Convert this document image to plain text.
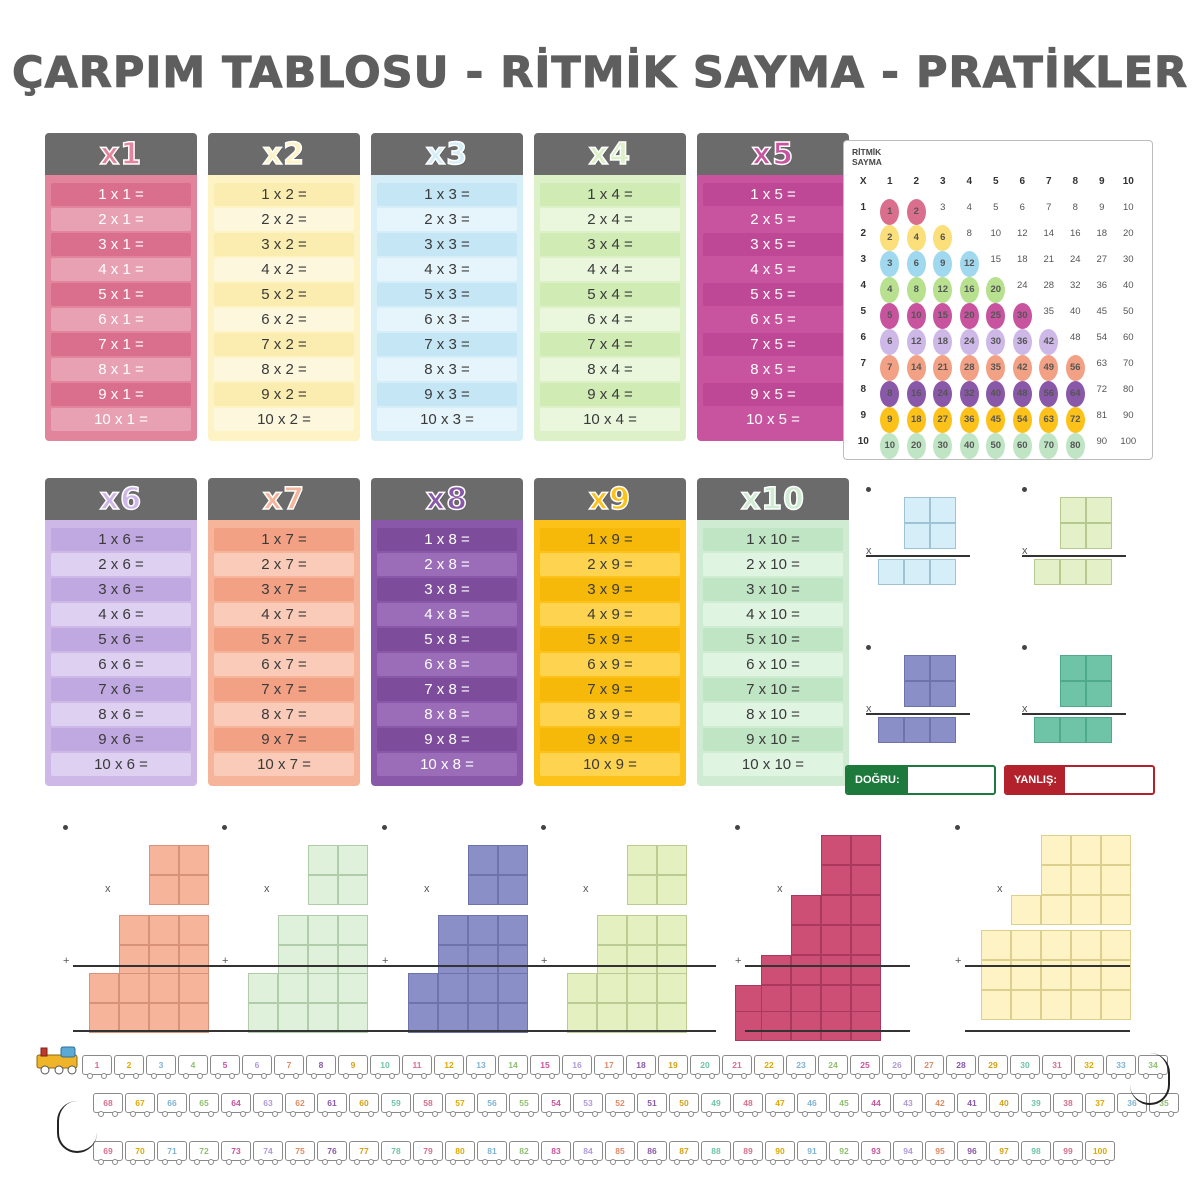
ÇARPIM TABLOSU - RİTMİK SAYMA - PRATİKLER
x1
1 x 1 =
2 x 1 =
3 x 1 =
4 x 1 =
5 x 1 =
6 x 1 =
7 x 1 =
8 x 1 =
9 x 1 =
10 x 1 =
x2
1 x 2 =
2 x 2 =
3 x 2 =
4 x 2 =
5 x 2 =
6 x 2 =
7 x 2 =
8 x 2 =
9 x 2 =
10 x 2 =
x3
1 x 3 =
2 x 3 =
3 x 3 =
4 x 3 =
5 x 3 =
6 x 3 =
7 x 3 =
8 x 3 =
9 x 3 =
10 x 3 =
x4
1 x 4 =
2 x 4 =
3 x 4 =
4 x 4 =
5 x 4 =
6 x 4 =
7 x 4 =
8 x 4 =
9 x 4 =
10 x 4 =
x5
1 x 5 =
2 x 5 =
3 x 5 =
4 x 5 =
5 x 5 =
6 x 5 =
7 x 5 =
8 x 5 =
9 x 5 =
10 x 5 =
x6
1 x 6 =
2 x 6 =
3 x 6 =
4 x 6 =
5 x 6 =
6 x 6 =
7 x 6 =
8 x 6 =
9 x 6 =
10 x 6 =
x7
1 x 7 =
2 x 7 =
3 x 7 =
4 x 7 =
5 x 7 =
6 x 7 =
7 x 7 =
8 x 7 =
9 x 7 =
10 x 7 =
x8
1 x 8 =
2 x 8 =
3 x 8 =
4 x 8 =
5 x 8 =
6 x 8 =
7 x 8 =
8 x 8 =
9 x 8 =
10 x 8 =
x9
1 x 9 =
2 x 9 =
3 x 9 =
4 x 9 =
5 x 9 =
6 x 9 =
7 x 9 =
8 x 9 =
9 x 9 =
10 x 9 =
x10
1 x 10 =
2 x 10 =
3 x 10 =
4 x 10 =
5 x 10 =
6 x 10 =
7 x 10 =
8 x 10 =
9 x 10 =
10 x 10 =
RİTMİK
SAYMA
X	1	2	3	4	5	6	7	8	9	10
1	1	2	3	4	5	6	7	8	9	10
2	2	4	6	8	10	12	14	16	18	20
3	3	6	9	12	15	18	21	24	27	30
4	4	8	12	16	20	24	28	32	36	40
5	5	10	15	20	25	30	35	40	45	50
6	6	12	18	24	30	36	42	48	54	60
7	7	14	21	28	35	42	49	56	63	70
8	8	16	24	32	40	48	56	64	72	80
9	9	18	27	36	45	54	63	72	81	90
10	10	20	30	40	50	60	70	80	90	100
x	x
x	x
DOĞRU:	YANLIŞ:
x
+
x
+
x
+
x
+
x
+
x
+
1	2	3	4	5	6	7	8	9	10	11	12	13	14	15	16	17	18	19	20	21	22	23	24	25	26	27	28	29	30	31	32	33	34
68	67	66	65	64	63	62	61	60	59	58	57	56	55	54	53	52	51	50	49	48	47	46	45	44	43	42	41	40	39	38	37	36	35
69	70	71	72	73	74	75	76	77	78	79	80	81	82	83	84	85	86	87	88	89	90	91	92	93	94	95	96	97	98	99	100
